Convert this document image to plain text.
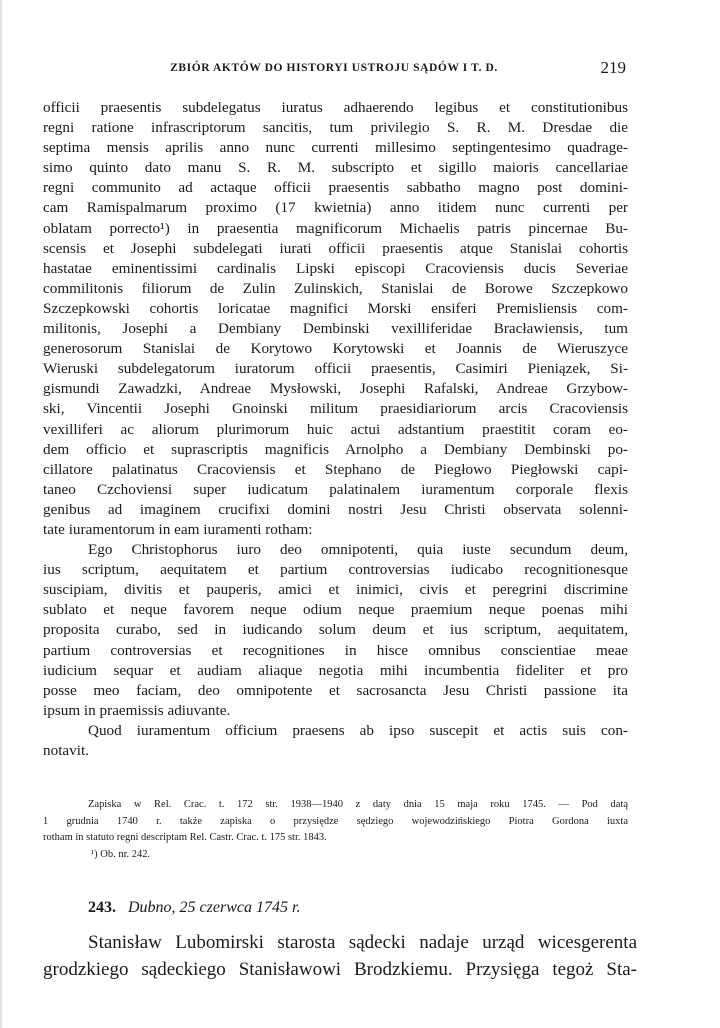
ZBIÓR AKTÓW DO HISTORYI USTROJU SĄDÓW I T. D.	219
officii praesentis subdelegatus iuratus adhaerendo legibus et constitutionibus
regni ratione infrascriptorum sancitis, tum privilegio S. R. M. Dresdae die
septima mensis aprilis anno nunc currenti millesimo septingentesimo quadrage-
simo quinto dato manu S. R. M. subscripto et sigillo maioris cancellariae
regni communito ad actaque officii praesentis sabbatho magno post domini-
cam Ramispalmarum proximo (17 kwietnia) anno itidem nunc currenti per
oblatam porrecto¹) in praesentia magnificorum Michaelis patris pincernae Bu-
scensis et Josephi subdelegati iurati officii praesentis atque Stanislai cohortis
hastatae eminentissimi cardinalis Lipski episcopi Cracoviensis ducis Severiae
commilitonis filiorum de Zulin Zulinskich, Stanislai de Borowe Szczepkowo
Szczepkowski cohortis loricatae magnifici Morski ensiferi Premisliensis com-
militonis, Josephi a Dembiany Dembinski vexilliferidae Bracławiensis, tum
generosorum Stanislai de Korytowo Korytowski et Joannis de Wieruszyce
Wieruski subdelegatorum iuratorum officii praesentis, Casimiri Pieniązek, Si-
gismundi Zawadzki, Andreae Mysłowski, Josephi Rafalski, Andreae Grzybow-
ski, Vincentii Josephi Gnoinski militum praesidiariorum arcis Cracoviensis
vexilliferi ac aliorum plurimorum huic actui adstantium praestitit coram eo-
dem officio et suprascriptis magnificis Arnolpho a Dembiany Dembinski po-
cillatore palatinatus Cracoviensis et Stephano de Piegłowo Piegłowski capi-
taneo Czchoviensi super iudicatum palatinalem iuramentum corporale flexis
genibus ad imaginem crucifixi domini nostri Jesu Christi observata solenni-
tate iuramentorum in eam iuramenti rotham:
Ego Christophorus iuro deo omnipotenti, quia iuste secundum deum,
ius scriptum, aequitatem et partium controversias iudicabo recognitionesque
suscipiam, divitis et pauperis, amici et inimici, civis et peregrini discrimine
sublato et neque favorem neque odium neque praemium neque poenas mihi
proposita curabo, sed in iudicando solum deum et ius scriptum, aequitatem,
partium controversias et recognitiones in hisce omnibus conscientiae meae
iudicium sequar et audiam aliaque negotia mihi incumbentia fideliter et pro
posse meo faciam, deo omnipotente et sacrosancta Jesu Christi passione ita
ipsum in praemissis adiuvante.
Quod iuramentum officium praesens ab ipso suscepit et actis suis con-
notavit.
Zapiska w Rel. Crac. t. 172 str. 1938—1940 z daty dnia 15 maja roku 1745. — Pod datą
1 grudnia 1740 r. także zapiska o przysiędze sędziego wojewodzińskiego Piotra Gordona iuxta
rotham in statuto regni descriptam Rel. Castr. Crac. t. 175 str. 1843.
¹) Ob. nr. 242.
243. Dubno, 25 czerwca 1745 r.
Stanisław Lubomirski starosta sądecki nadaje urząd wicesgerenta
grodzkiego sądeckiego Stanisławowi Brodzkiemu. Przysięga tegoż Sta-
